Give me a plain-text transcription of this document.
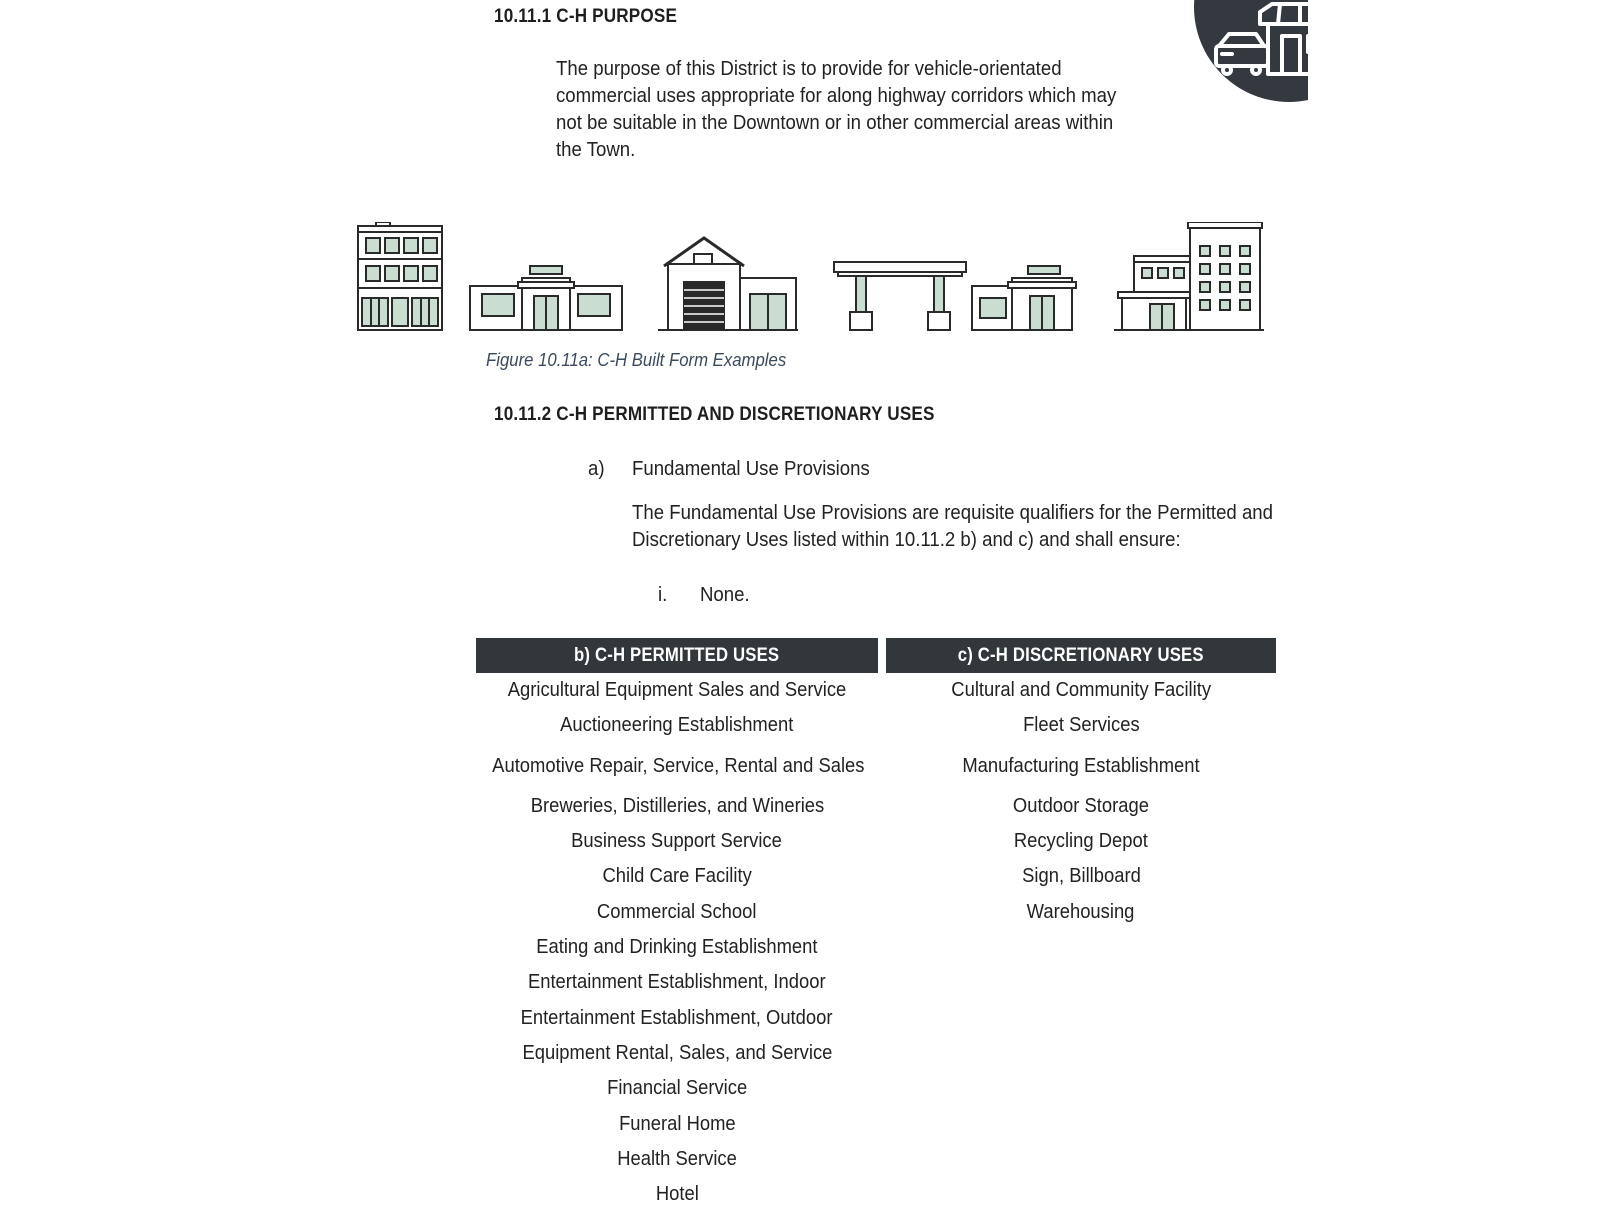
10.11.1 C-H PURPOSE
The purpose of this District is to provide for vehicle-orientated commercial uses appropriate for along highway corridors which may not be suitable in the Downtown or in other commercial areas within the Town.
Figure 10.11a: C-H Built Form Examples
10.11.2 C-H PERMITTED AND DISCRETIONARY USES
a) Fundamental Use Provisions
The Fundamental Use Provisions are requisite qualifiers for the Permitted and Discretionary Uses listed within 10.11.2 b) and c) and shall ensure:
i. None.
b) C-H PERMITTED USES	c) C-H DISCRETIONARY USES
Agricultural Equipment Sales and Service
Auctioneering Establishment
Automotive Repair, Service, Rental and Sales
Breweries, Distilleries, and Wineries
Business Support Service
Child Care Facility
Commercial School
Eating and Drinking Establishment
Entertainment Establishment, Indoor
Entertainment Establishment, Outdoor
Equipment Rental, Sales, and Service
Financial Service
Funeral Home
Health Service
Hotel
Cultural and Community Facility
Fleet Services
Manufacturing Establishment
Outdoor Storage
Recycling Depot
Sign, Billboard
Warehousing
